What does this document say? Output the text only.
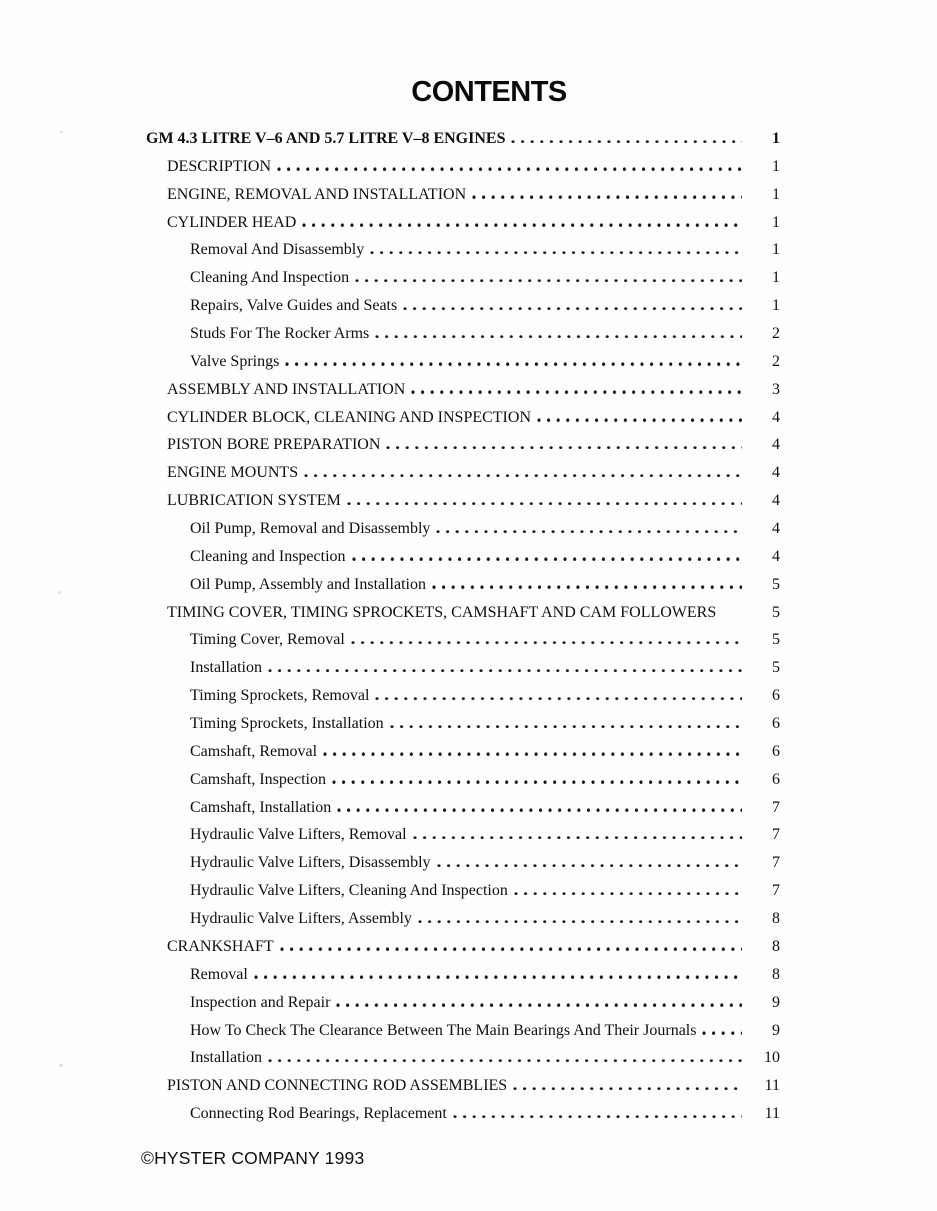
CONTENTS
GM 4.3 LITRE V–6 AND 5.7 LITRE V–8 ENGINES	1
DESCRIPTION	1
ENGINE, REMOVAL AND INSTALLATION	1
CYLINDER HEAD	1
Removal And Disassembly	1
Cleaning And Inspection	1
Repairs, Valve Guides and Seats	1
Studs For The Rocker Arms	2
Valve Springs	2
ASSEMBLY AND INSTALLATION	3
CYLINDER BLOCK, CLEANING AND INSPECTION	4
PISTON BORE PREPARATION	4
ENGINE MOUNTS	4
LUBRICATION SYSTEM	4
Oil Pump, Removal and Disassembly	4
Cleaning and Inspection	4
Oil Pump, Assembly and Installation	5
TIMING COVER, TIMING SPROCKETS, CAMSHAFT AND CAM FOLLOWERS	5
Timing Cover, Removal	5
Installation	5
Timing Sprockets, Removal	6
Timing Sprockets, Installation	6
Camshaft, Removal	6
Camshaft, Inspection	6
Camshaft, Installation	7
Hydraulic Valve Lifters, Removal	7
Hydraulic Valve Lifters, Disassembly	7
Hydraulic Valve Lifters, Cleaning And Inspection	7
Hydraulic Valve Lifters, Assembly	8
CRANKSHAFT	8
Removal	8
Inspection and Repair	9
How To Check The Clearance Between The Main Bearings And Their Journals	9
Installation	10
PISTON AND CONNECTING ROD ASSEMBLIES	11
Connecting Rod Bearings, Replacement	11
©HYSTER COMPANY 1993
